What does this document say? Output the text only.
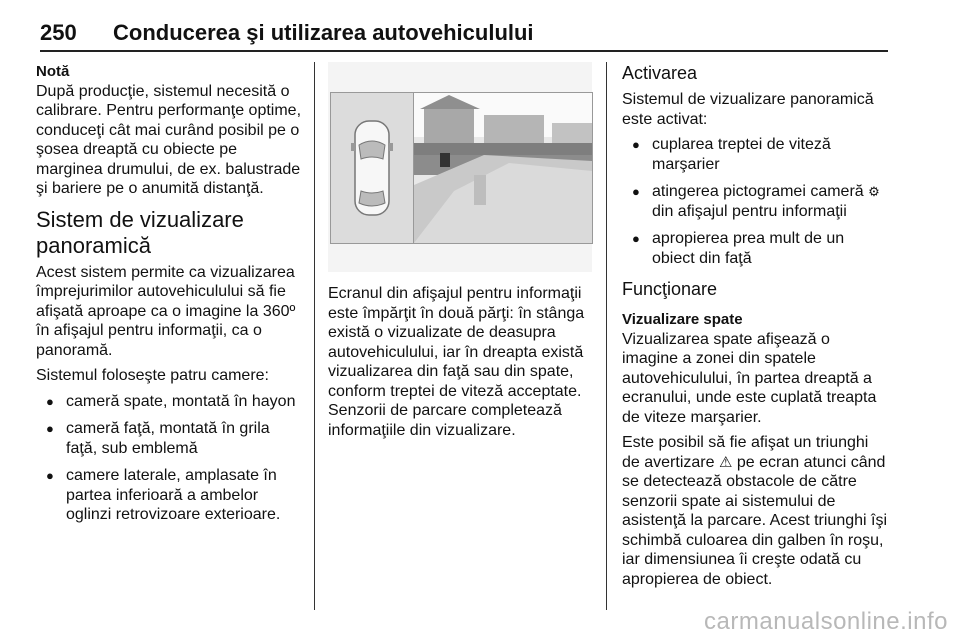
250 Conducerea şi utilizarea autovehiculului
Notă

După producţie, sistemul necesită o calibrare. Pentru performanţe optime, conduceţi cât mai curând posibil pe o şosea dreaptă cu obiecte pe marginea drumului, de ex. balustrade şi bariere pe o anumită distanţă.

Sistem de vizualizare panoramică

Acest sistem permite ca vizualizarea împrejurimilor autovehiculului să fie afişată aproape ca o imagine la 360º în afişajul pentru informaţii, ca o panoramă.

Sistemul foloseşte patru camere:

● cameră spate, montată în hayon
● cameră faţă, montată în grila faţă, sub emblemă
● camere laterale, amplasate în partea inferioară a ambelor oglinzi retrovizoare exterioare.

Ecranul din afişajul pentru informaţii este împărţit în două părţi: în stânga există o vizualizate de deasupra autovehiculului, iar în dreapta există vizualizarea din faţă sau din spate, conform treptei de viteză acceptate. Senzorii de parcare completează informaţiile din vizualizare.

Activarea

Sistemul de vizualizare panoramică este activat:

● cuplarea treptei de viteză marşarier
● atingerea pictogramei cameră ⚙
din afişajul pentru informaţii
● apropierea prea mult de un obiect din faţă
Funcţionare
Vizualizare spate

Vizualizarea spate afişează o imagine a zonei din spatele autovehiculului, în partea dreaptă a ecranului, unde este cuplată treapta de viteze marşarier.

Este posibil să fie afişat un triunghi de avertizare ⚠ pe ecran atunci când se detectează obstacole de către senzorii spate ai sistemului de asistenţă la parcare. Acest triunghi îşi schimbă culoarea din galben în roşu, iar dimensiunea îi creşte odată cu apropierea de obiect.

carmanualsonline.info
